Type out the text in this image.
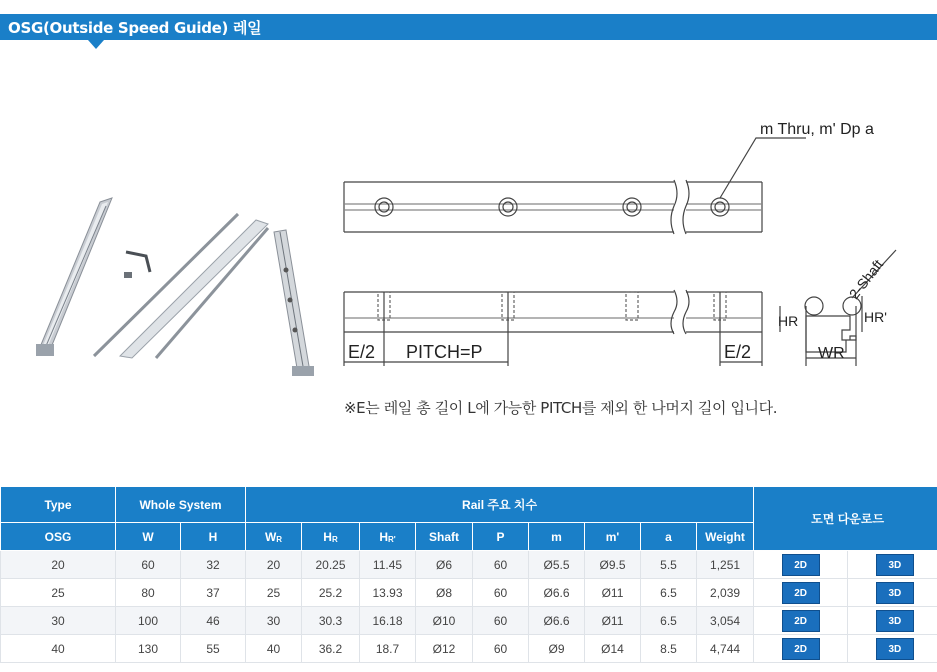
OSG(Outside Speed Guide) 레일
m Thru, m' Dp a
E/2 PITCH=P	E/2
HR	HR'
WR
2-Shaft
※E는 레일 총 길이 L에 가능한 PITCH를 제외 한 나머지 길이 입니다.
Type	Whole System		Rail 주요 치수									도면 다운로드	
OSG	W	H	WR	HR	HR'	Shaft	P	m	m'	a	Weight		
20	60	32	20	20.25	11.45	Ø6	60	Ø5.5	Ø9.5	5.5	1,251	2D	3D
25	80	37	25	25.2	13.93	Ø8	60	Ø6.6	Ø11	6.5	2,039	2D	3D
30	100	46	30	30.3	16.18	Ø10	60	Ø6.6	Ø11	6.5	3,054	2D	3D
40	130	55	40	36.2	18.7	Ø12	60	Ø9	Ø14	8.5	4,744	2D	3D
